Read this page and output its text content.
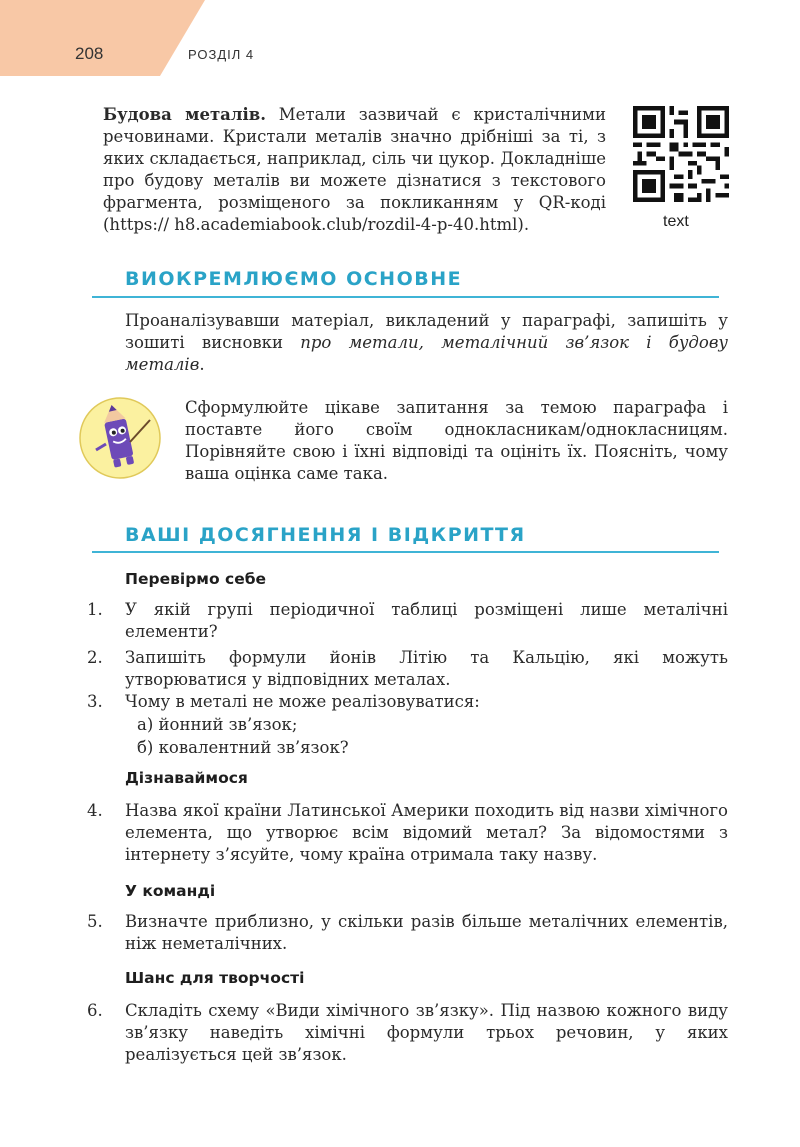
208	РОЗДІЛ 4
Будова металів. Метали зазвичай є кристалічними речовинами. Кристали металів значно дрібніші за ті, з яких складається, наприклад, сіль чи цукор. Докладніше про будову металів ви можете дізнатися з текстового фрагмента, розміщеного за покликанням у QR-коді (https:// h8.academiabook.club/rozdil-4-p-40.html).	text
ВИОКРЕМЛЮЄМО ОСНОВНЕ
Проаналізувавши матеріал, викладений у параграфі, запишіть у зошиті висновки про метали, металічний зв’язок і будову металів.
Сформулюйте цікаве запитання за темою параграфа і поставте його своїм однокласникам/однокласницям. Порівняйте свою і їхні відповіді та оцініть їх. Поясніть, чому ваша оцінка саме така.
ВАШІ ДОСЯГНЕННЯ І ВІДКРИТТЯ
Перевірмо себе
1. У якій групі періодичної таблиці розміщені лише металічні елементи?
2. Запишіть формули йонів Літію та Кальцію, які можуть утворюватися у відповідних металах.
3. Чому в металі не може реалізовуватися:
а) йонний зв’язок;
б) ковалентний зв’язок?
Дізнаваймося
4. Назва якої країни Латинської Америки походить від назви хімічного елемента, що утворює всім відомий метал? За відомостями з інтернету з’ясуйте, чому країна отримала таку назву.
У команді
5. Визначте приблизно, у скільки разів більше металічних елементів, ніж неметалічних.
Шанс для творчості
6. Складіть схему «Види хімічного зв’язку». Під назвою кожного виду зв’язку наведіть хімічні формули трьох речовин, у яких реалізується цей зв’язок.
